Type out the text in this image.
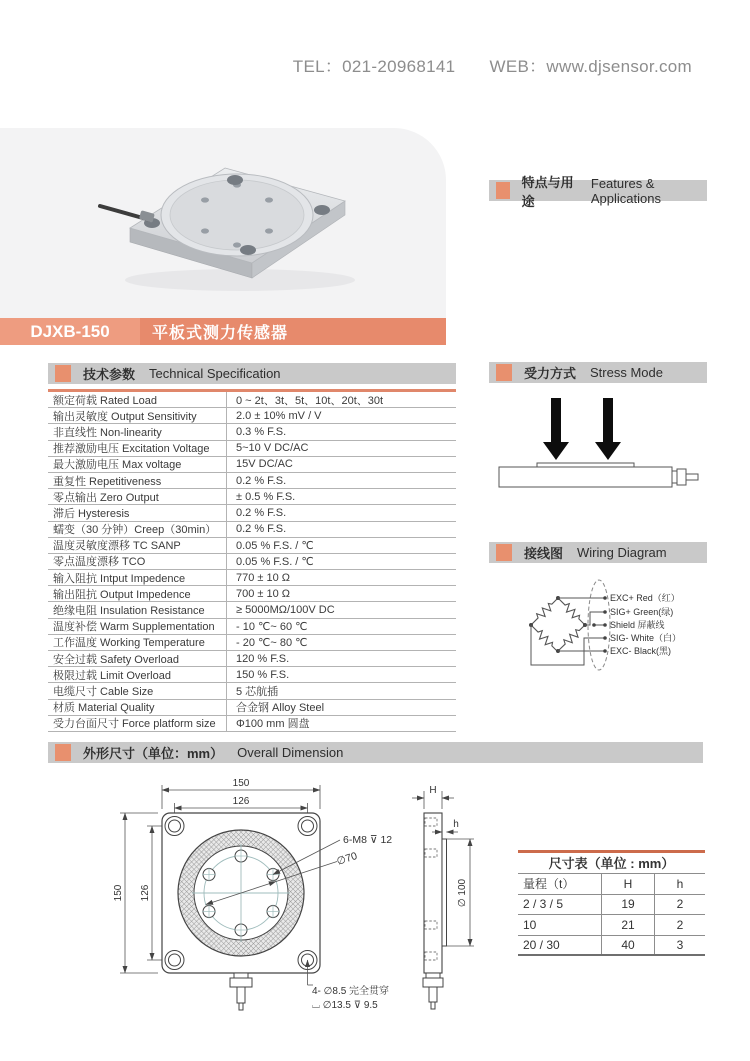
TEL：021-20968141 WEB：www.djsensor.com
DJXB-150	平板式测力传感器
技术参数 Technical Specification
额定荷载 Rated Load	0 ~ 2t、3t、5t、10t、20t、30t
输出灵敏度 Output Sensitivity	2.0 ± 10% mV / V
非直线性 Non-linearity	0.3 % F.S.
推荐激励电压 Excitation Voltage	5~10 V DC/AC
最大激励电压 Max voltage	15V DC/AC
重复性 Repetitiveness	0.2 % F.S.
零点输出 Zero Output	± 0.5 % F.S.
滞后 Hysteresis	0.2 % F.S.
蠕变（30 分钟）Creep（30min）	0.2 % F.S.
温度灵敏度漂移 TC SANP	0.05 % F.S. / ℃
零点温度漂移 TCO	0.05 % F.S. / ℃
输入阻抗 Intput Impedence	770 ± 10 Ω
输出阻抗 Output Impedence	700 ± 10 Ω
绝缘电阻 Insulation Resistance	≥ 5000MΩ/100V DC
温度补偿 Warm Supplementation	- 10 ℃~ 60 ℃
工作温度 Working Temperature	- 20 ℃~ 80 ℃
安全过载 Safety Overload	120 % F.S.
极限过载 Limit Overload	150 % F.S.
电缆尺寸 Cable Size	5 芯航插
材质 Material Quality	合金钢 Alloy Steel
受力台面尺寸 Force platform size	Φ100 mm 圆盘
特点与用途
Features & Applications
受力方式 Stress Mode
接线图 Wiring Diagram
EXC+ Red（红）
SIG+ Green(绿)
Shield 屏蔽线
SIG- White（白）
EXC- Black(黑)
外形尺寸（单位：mm） Overall Dimension
150
126
150 126
6-M8 ⊽ 12
∅70
4- ∅8.5 完全贯穿
⌴ ∅13.5 ⊽ 9.5
H
h
∅ 100
尺寸表（单位 : mm）
量程（t）	H	h
2 / 3 / 5	19	2
10	21	2
20 / 30	40	3
